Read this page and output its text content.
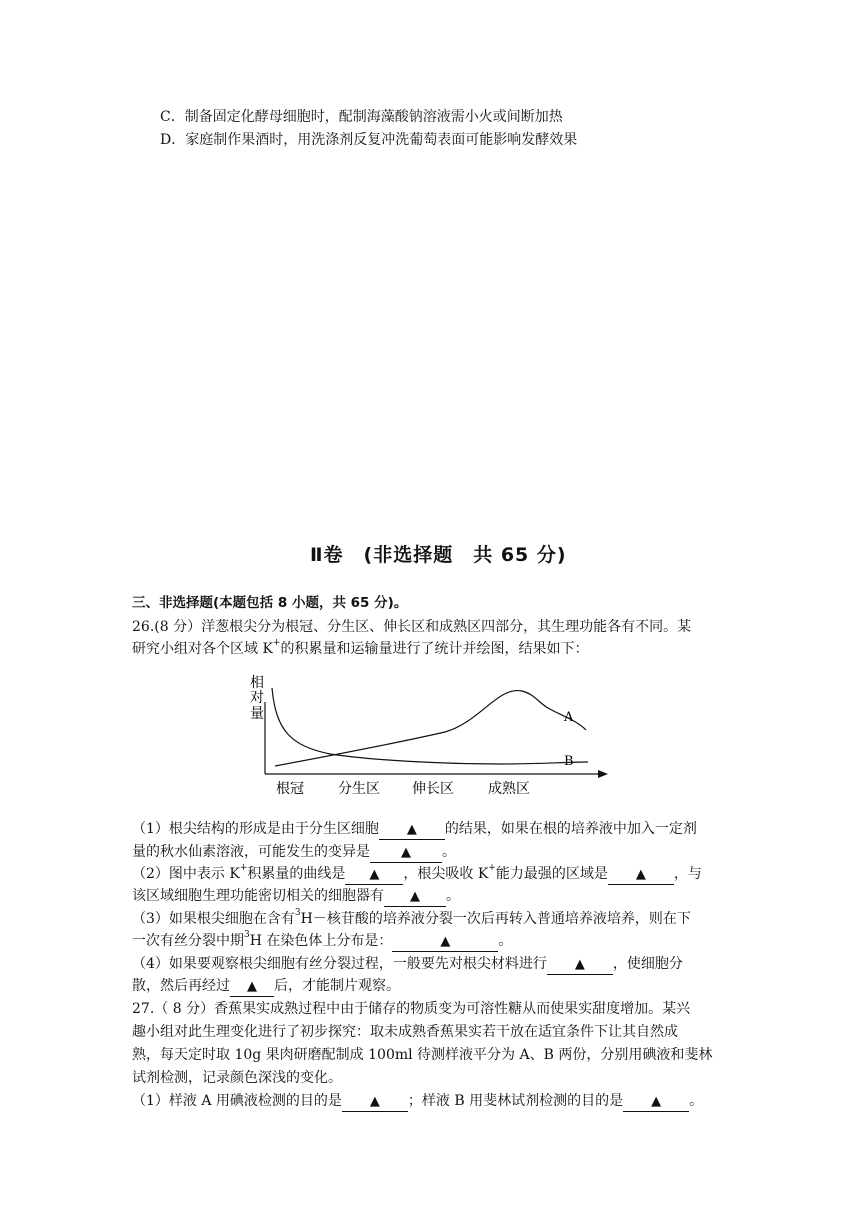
C．制备固定化酵母细胞时，配制海藻酸钠溶液需小火或间断加热
D．家庭制作果酒时，用洗涤剂反复冲洗葡萄表面可能影响发酵效果
Ⅱ卷　(非选择题　共 65 分)
三、非选择题(本题包括 8 小题，共 65 分)。
26.(8 分）洋葱根尖分为根冠、分生区、伸长区和成熟区四部分，其生理功能各有不同。某
研究小组对各个区域 K+的积累量和运输量进行了统计并绘图，结果如下：
相
对
量	A
B
根冠 分生区 伸长区 成熟区
（1）根尖结构的形成是由于分生区细胞 ▲ 的结果，如果在根的培养液中加入一定剂
量的秋水仙素溶液，可能发生的变异是 ▲ 。
（2）图中表示 K+积累量的曲线是 ▲ ，根尖吸收 K+能力最强的区域是 ▲ ，与
该区域细胞生理功能密切相关的细胞器有 ▲ 。
（3）如果根尖细胞在含有$^3$H－核苷酸的培养液分裂一次后再转入普通培养液培养，则在下
一次有丝分裂中期$^3$H 在染色体上分布是：	▲	。
（4）如果要观察根尖细胞有丝分裂过程，一般要先对根尖材料进行 ▲ ，使细胞分
散，然后再经过 ▲ 后，才能制片观察。
27.（ 8 分）香蕉果实成熟过程中由于储存的物质变为可溶性糖从而使果实甜度增加。某兴
趣小组对此生理变化进行了初步探究：取未成熟香蕉果实若干放在适宜条件下让其自然成
熟，每天定时取 10g 果肉研磨配制成 100ml 待测样液平分为 A、B 两份，分别用碘液和斐林
试剂检测，记录颜色深浅的变化。
（1）样液 A 用碘液检测的目的是 ▲ ；样液 B 用斐林试剂检测的目的是 ▲ 。
